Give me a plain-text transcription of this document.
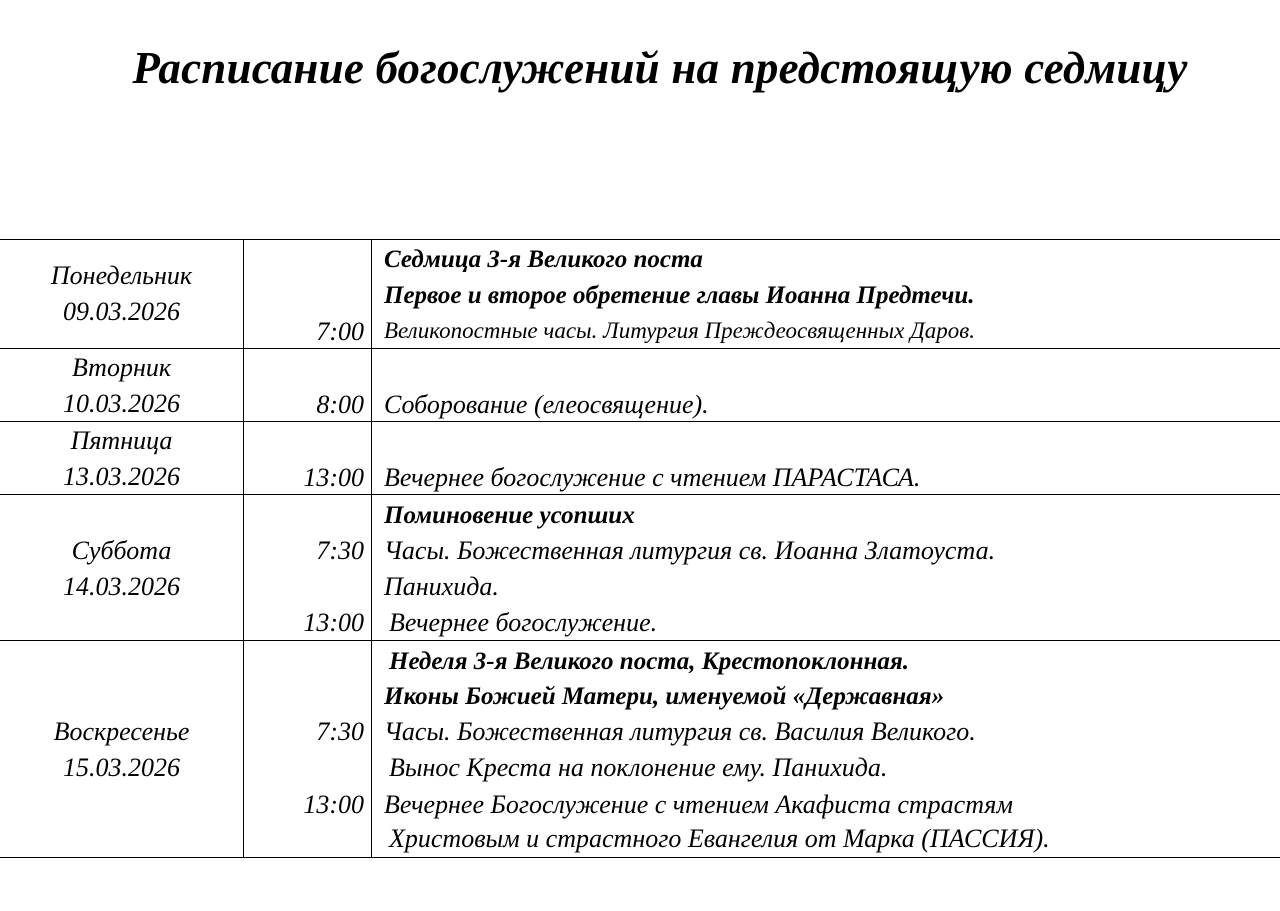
Расписание богослужений на предстоящую седмицу
Понедельник
09.03.2026
Седмица 3-я Великого поста
Первое и второе обретение главы Иоанна Предтечи.
7:00 Великопостные часы. Литургия Преждеосвященных Даров.
Вторник
10.03.2026	8:00 Соборование (елеосвящение).
Пятница
13.03.2026	13:00 Вечернее богослужение с чтением ПАРАСТАСА.
Суббота
14.03.2026
Поминовение усопших
7:30 Часы. Божественная литургия св. Иоанна Златоуста.
Панихида.
13:00 Вечернее богослужение.
Воскресенье
15.03.2026
Неделя 3-я Великого поста, Крестопоклонная.
Иконы Божией Матери, именуемой «Державная»
7:30 Часы. Божественная литургия св. Василия Великого.
Вынос Креста на поклонение ему. Панихида.
13:00 Вечернее Богослужение с чтением Акафиста страстям
Христовым и страстного Евангелия от Марка (ПАССИЯ).
